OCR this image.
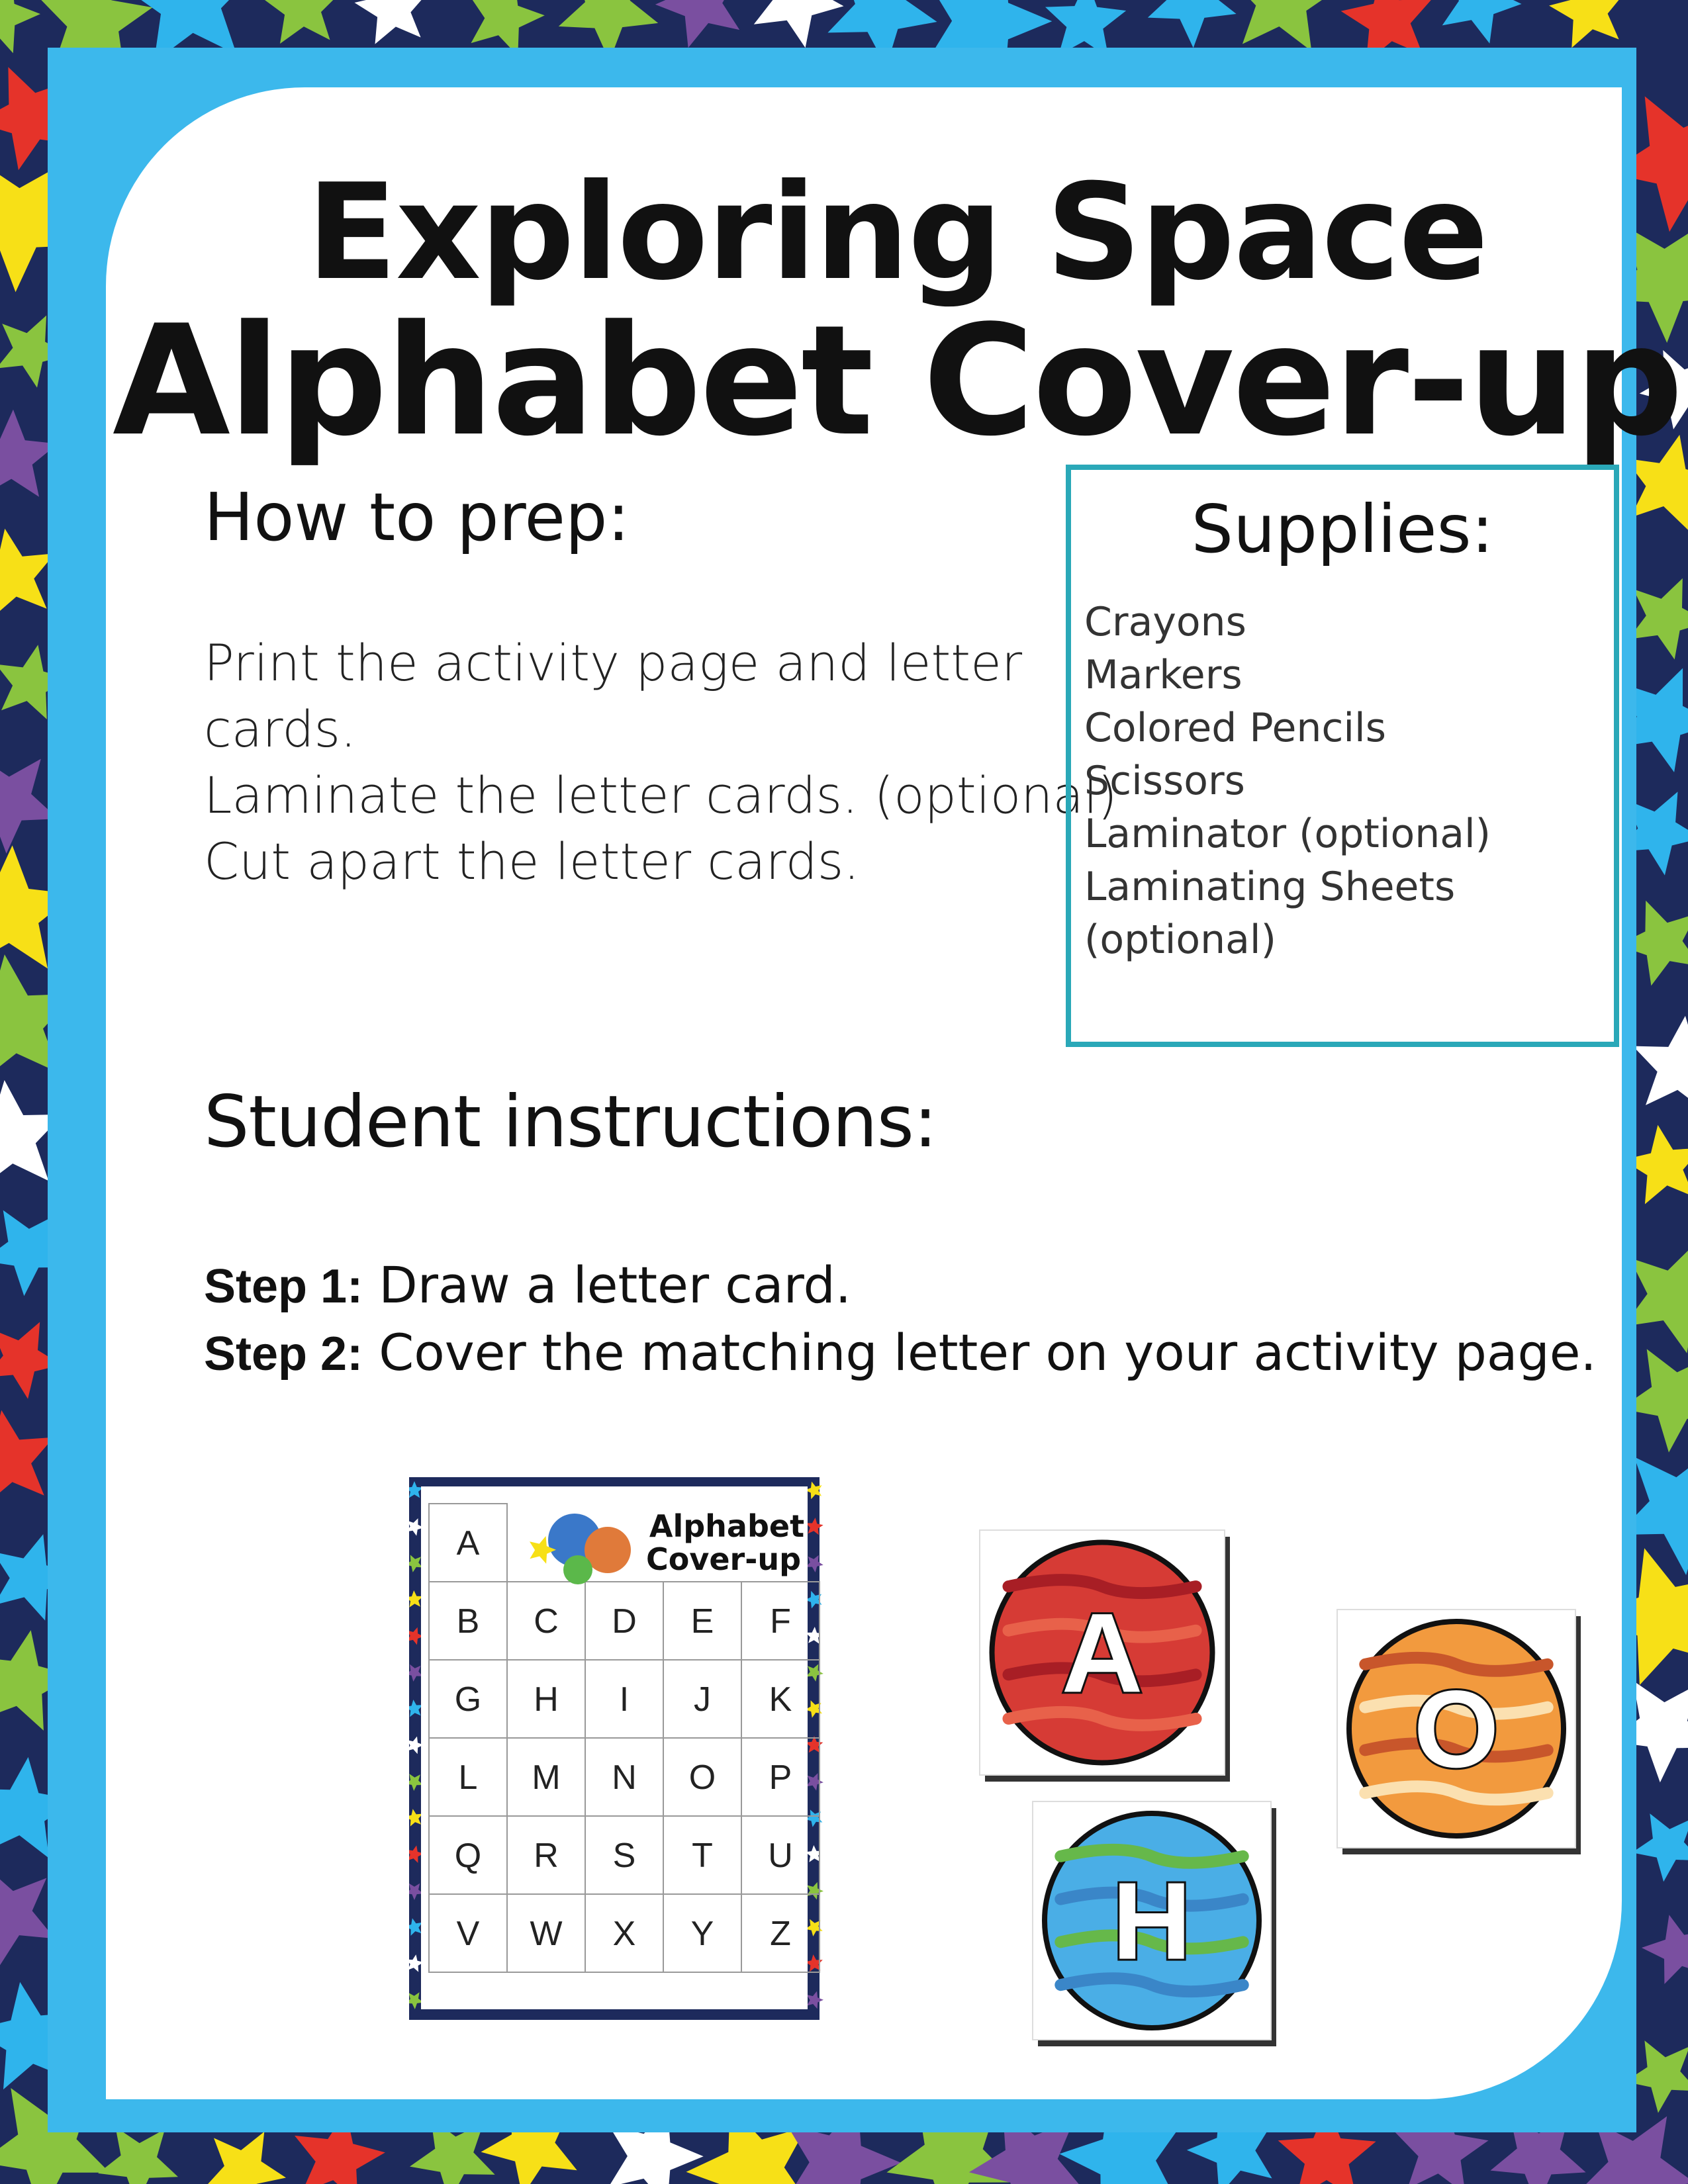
Exploring Space
Alphabet Cover-up
How to prep:
Print the activity page and letter
cards.
Laminate the letter cards. (optional)
Cut apart the letter cards.
Supplies:
Crayons
Markers
Colored Pencils
Scissors
Laminator (optional)
Laminating Sheets
(optional)
Student instructions:
Step 1: Draw a letter card.
Step 2: Cover the matching letter on your activity page.
A
B C D E F
G H I J K
L M N O P
Q R S T U
V W X Y Z
Alphabet
Cover-up
A
O
H
